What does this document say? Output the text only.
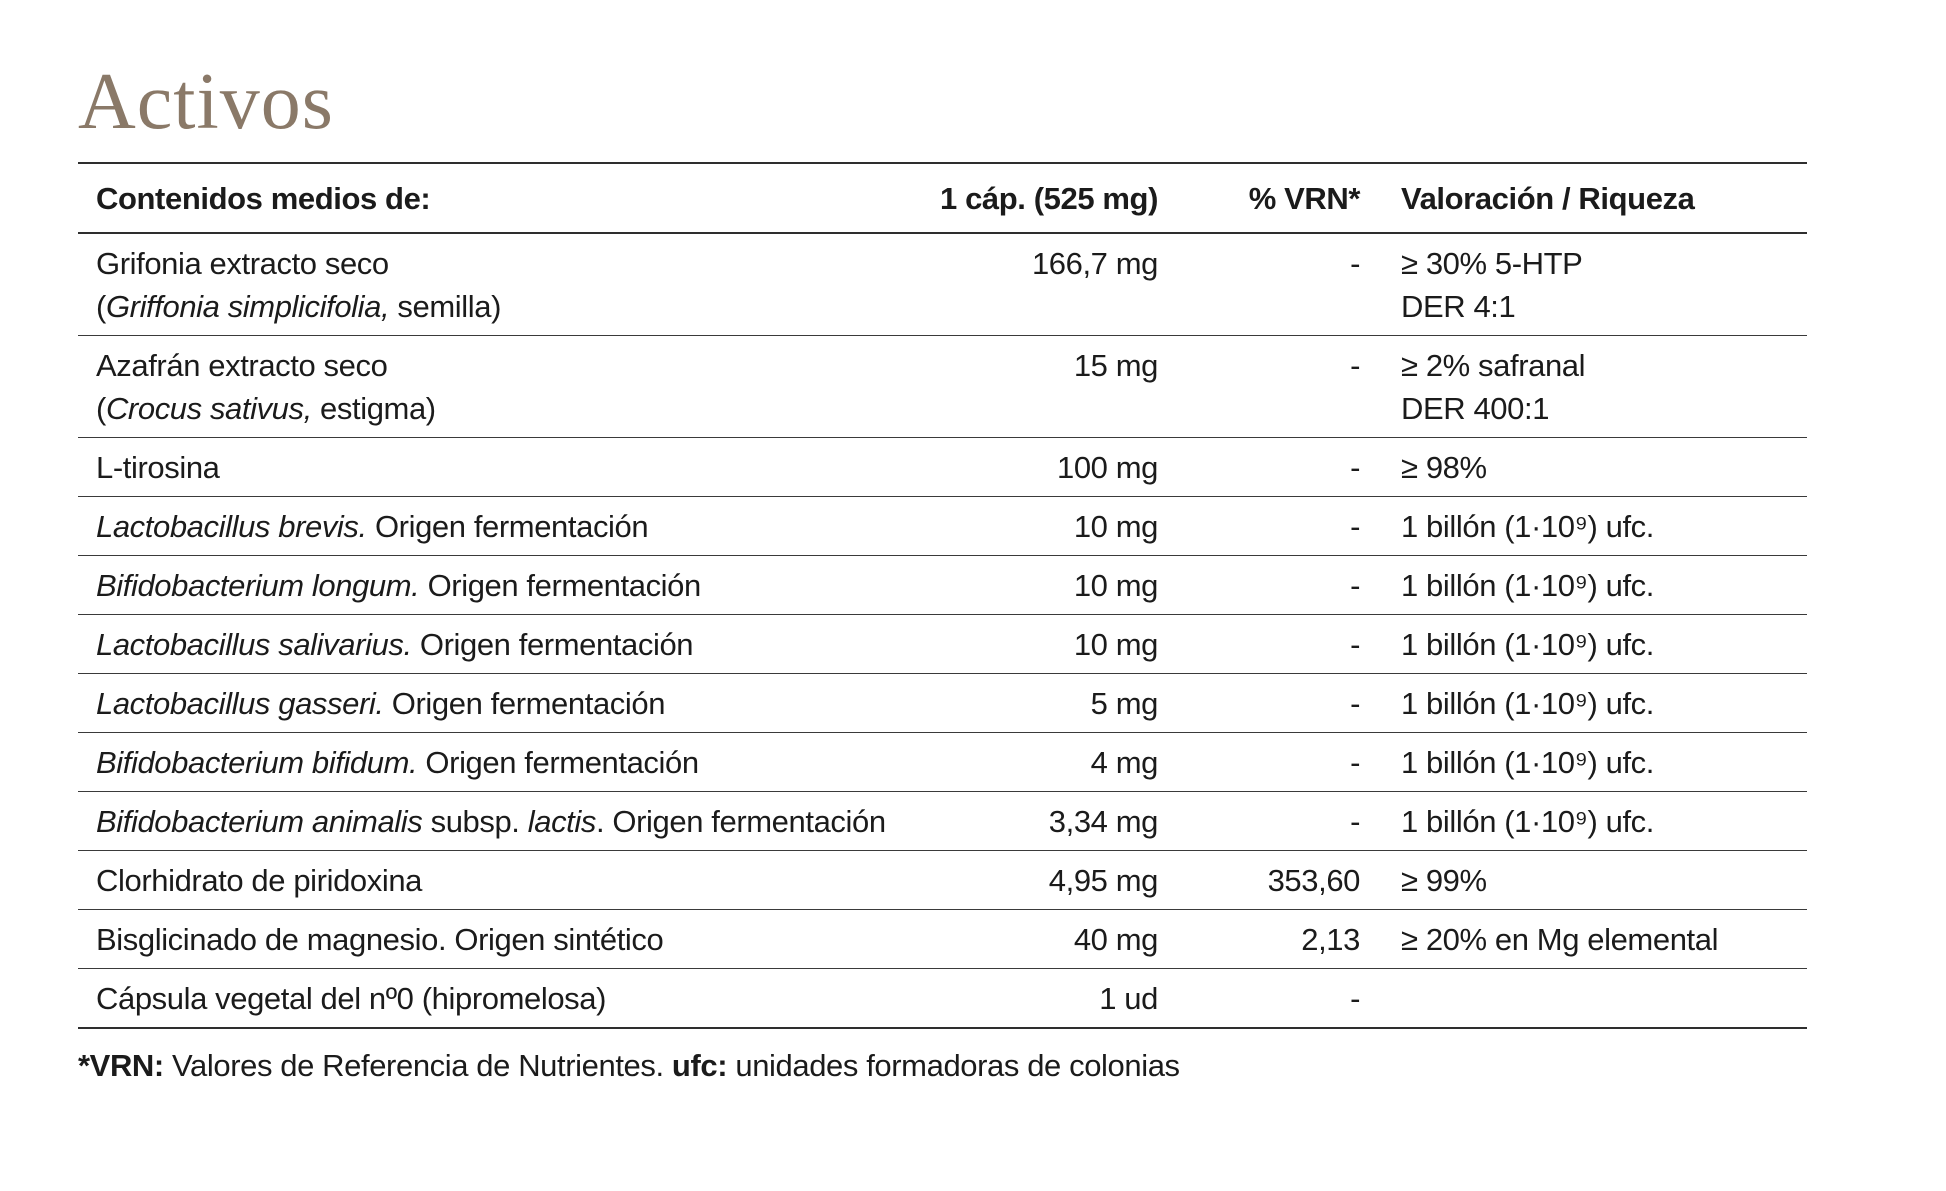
Activos
Contenidos medios de:	1 cáp. (525 mg)	% VRN*	Valoración / Riqueza

Grifonia extracto seco
(Griffonia simplicifolia, semilla)
	166,7 mg	-	≥ 30% 5-HTP
DER 4:1

Azafrán extracto seco
(Crocus sativus, estigma)
	15 mg	-	≥ 2% safranal
DER 400:1

L-tirosina	100 mg	-	≥ 98%

Lactobacillus brevis. Origen fermentación	10 mg	-	1 billón (1·10⁹) ufc.

Bifidobacterium longum. Origen fermentación	10 mg	-	1 billón (1·10⁹) ufc.

Lactobacillus salivarius. Origen fermentación	10 mg	-	1 billón (1·10⁹) ufc.

Lactobacillus gasseri. Origen fermentación	5 mg	-	1 billón (1·10⁹) ufc.

Bifidobacterium bifidum. Origen fermentación	4 mg	-	1 billón (1·10⁹) ufc.

Bifidobacterium animalis subsp. lactis. Origen fermentación	3,34 mg	-	1 billón (1·10⁹) ufc.

Clorhidrato de piridoxina	4,95 mg	353,60	≥ 99%

Bisglicinado de magnesio. Origen sintético	40 mg	2,13	≥ 20% en Mg elemental

Cápsula vegetal del nº0 (hipromelosa)	1 ud	-	

*VRN: Valores de Referencia de Nutrientes. ufc: unidades formadoras de colonias
